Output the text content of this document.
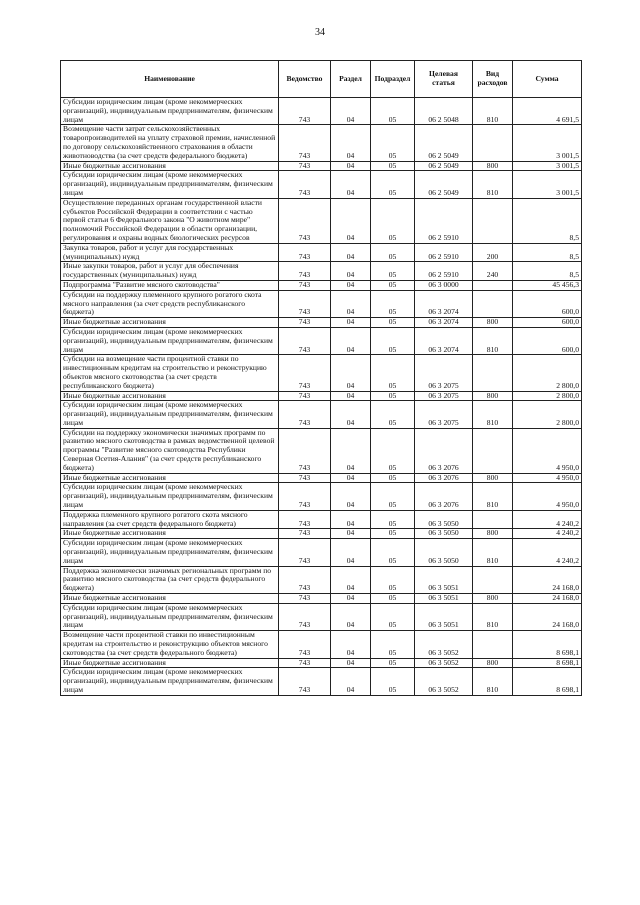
34
Наименование	Ведомство	Раздел	Подраздел	Целевая статья	Вид расходов	Сумма
Субсидии юридическим лицам (кроме некоммерческих организаций), индивидуальным предпринимателям, физическим лицам	743	04	05	06 2 5048	810	4 691,5
Возмещение части затрат сельскохозяйственных товаропроизводителей на уплату страховой премии, начисленной по договору сельскохозяйственного страхования в области животноводства (за счет средств федерального бюджета)	743	04	05	06 2 5049		3 001,5
Иные бюджетные ассигнования	743	04	05	06 2 5049	800	3 001,5
Субсидии юридическим лицам (кроме некоммерческих организаций), индивидуальным предпринимателям, физическим лицам	743	04	05	06 2 5049	810	3 001,5
Осуществление переданных органам государственной власти субъектов Российской Федерации в соответствии с частью первой статьи 6 Федерального закона "О животном мире" полномочий Российской Федерации в области организации, регулирования и охраны водных биологических ресурсов	743	04	05	06 2 5910		8,5
Закупка товаров, работ и услуг для государственных (муниципальных) нужд	743	04	05	06 2 5910	200	8,5
Иные закупки товаров, работ и услуг для обеспечения государственных (муниципальных) нужд	743	04	05	06 2 5910	240	8,5
Подпрограмма "Развитие мясного скотоводства"	743	04	05	06 3 0000		45 456,3
Субсидии на поддержку племенного крупного рогатого скота мясного направления (за счет средств республиканского бюджета)	743	04	05	06 3 2074		600,0
Иные бюджетные ассигнования	743	04	05	06 3 2074	800	600,0
Субсидии юридическим лицам (кроме некоммерческих организаций), индивидуальным предпринимателям, физическим лицам	743	04	05	06 3 2074	810	600,0
Субсидии на возмещение части процентной ставки по инвестиционным кредитам на строительство и реконструкцию объектов мясного скотоводства (за счет средств республиканского бюджета)	743	04	05	06 3 2075		2 800,0
Иные бюджетные ассигнования	743	04	05	06 3 2075	800	2 800,0
Субсидии юридическим лицам (кроме некоммерческих организаций), индивидуальным предпринимателям, физическим лицам	743	04	05	06 3 2075	810	2 800,0
Субсидии на поддержку экономически значимых программ по развитию мясного скотоводства в рамках ведомственной целевой программы "Развитие мясного скотоводства Республики Северная Осетия-Алания" (за счет средств республиканского бюджета)	743	04	05	06 3 2076		4 950,0
Иные бюджетные ассигнования	743	04	05	06 3 2076	800	4 950,0
Субсидии юридическим лицам (кроме некоммерческих организаций), индивидуальным предпринимателям, физическим лицам	743	04	05	06 3 2076	810	4 950,0
Поддержка племенного крупного рогатого скота мясного направления (за счет средств федерального бюджета)	743	04	05	06 3 5050		4 240,2
Иные бюджетные ассигнования	743	04	05	06 3 5050	800	4 240,2
Субсидии юридическим лицам (кроме некоммерческих организаций), индивидуальным предпринимателям, физическим лицам	743	04	05	06 3 5050	810	4 240,2
Поддержка экономически значимых региональных программ по развитию мясного скотоводства (за счет средств федерального бюджета)	743	04	05	06 3 5051		24 168,0
Иные бюджетные ассигнования	743	04	05	06 3 5051	800	24 168,0
Субсидии юридическим лицам (кроме некоммерческих организаций), индивидуальным предпринимателям, физическим лицам	743	04	05	06 3 5051	810	24 168,0
Возмещение части процентной ставки по инвестиционным кредитам на строительство и реконструкцию объектов мясного скотоводства (за счет средств федерального бюджета)	743	04	05	06 3 5052		8 698,1
Иные бюджетные ассигнования	743	04	05	06 3 5052	800	8 698,1
Субсидии юридическим лицам (кроме некоммерческих организаций), индивидуальным предпринимателям, физическим лицам	743	04	05	06 3 5052	810	8 698,1
